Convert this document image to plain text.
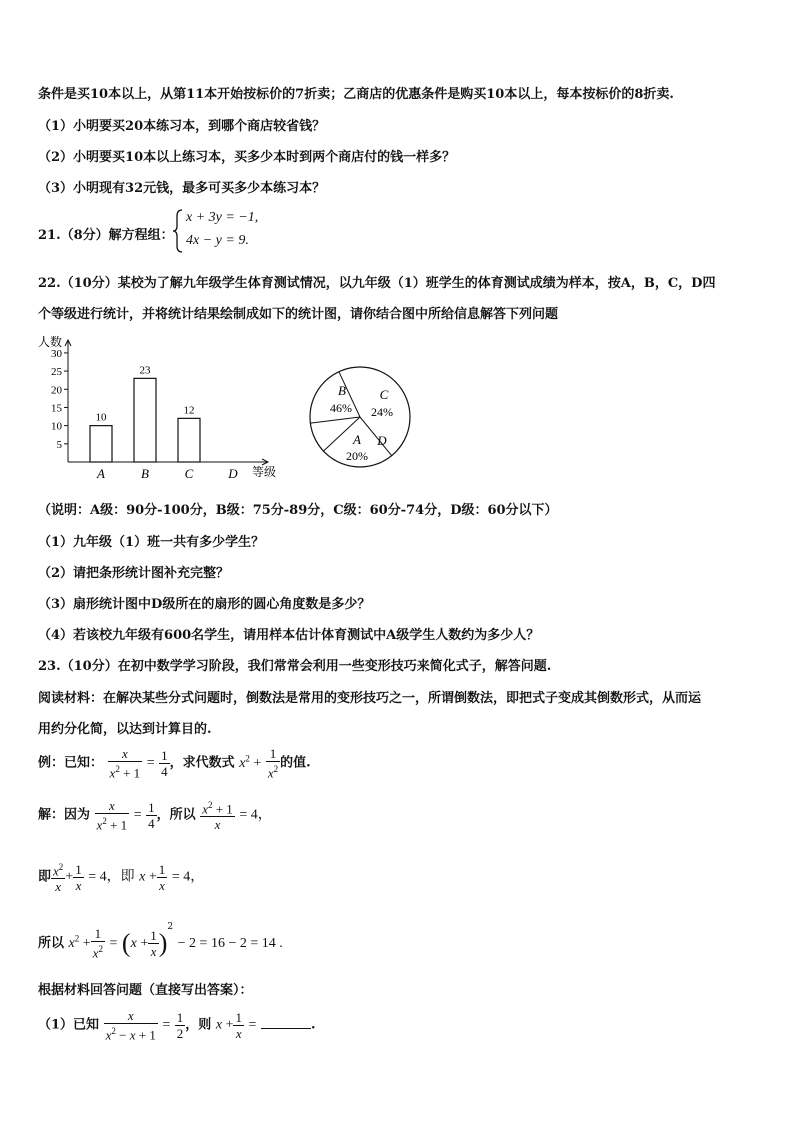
条件是买10本以上，从第11本开始按标价的7折卖；乙商店的优惠条件是购买10本以上，每本按标价的8折卖.
（1）小明要买20本练习本，到哪个商店较省钱？
（2）小明要买10本以上练习本，买多少本时到两个商店付的钱一样多？
（3）小明现有32元钱，最多可买多少本练习本？
21.（8分）解方程组：
x + 3y = −1,
4x − y = 9.
22.（10分）某校为了解九年级学生体育测试情况，以九年级（1）班学生的体育测试成绩为样本，按A，B，C，D四
个等级进行统计，并将统计结果绘制成如下的统计图，请你结合图中所给信息解答下列问题
人数
等级
5
10
15
20
25
30
10
A
23
B
12
C	D
B
46%
C
24%
D
A
20%
（说明：A级：90分-100分，B级：75分-89分，C级：60分-74分，D级：60分以下）
（1）九年级（1）班一共有多少学生？
（2）请把条形统计图补充完整？
（3）扇形统计图中D级所在的扇形的圆心角度数是多少？
（4）若该校九年级有600名学生，请用样本估计体育测试中A级学生人数约为多少人？
23.（10分）在初中数学学习阶段，我们常常会利用一些变形技巧来简化式子，解答问题.
阅读材料：在解决某些分式问题时，倒数法是常用的变形技巧之一，所谓倒数法，即把式子变成其倒数形式，从而运
用约分化简，以达到计算目的.
例：已知： $\frac{x}{x^2 + 1} = \frac{1}{4}$ ，求代数式 $x^2 + \frac{1}{x^2}$ 的值.
解：因为 $\frac{x}{x^2 + 1} = \frac{1}{4}$ ，所以 $\frac{x^2 + 1}{x} = 4$，
即 $\frac{x^2}{x} + \frac{1}{x} = 4$，即 $x + \frac{1}{x} = 4$，
所以 $x^2 + \frac{1}{x^2} = (x + \frac{1}{x} )^2 - 2 = 16 - 2 = 14$ .
根据材料回答问题（直接写出答案）：
（1）已知 $\frac{x}{x^2 - x + 1} = \frac{1}{2}$ ，则 $x + \frac{1}{x}$ =	.
